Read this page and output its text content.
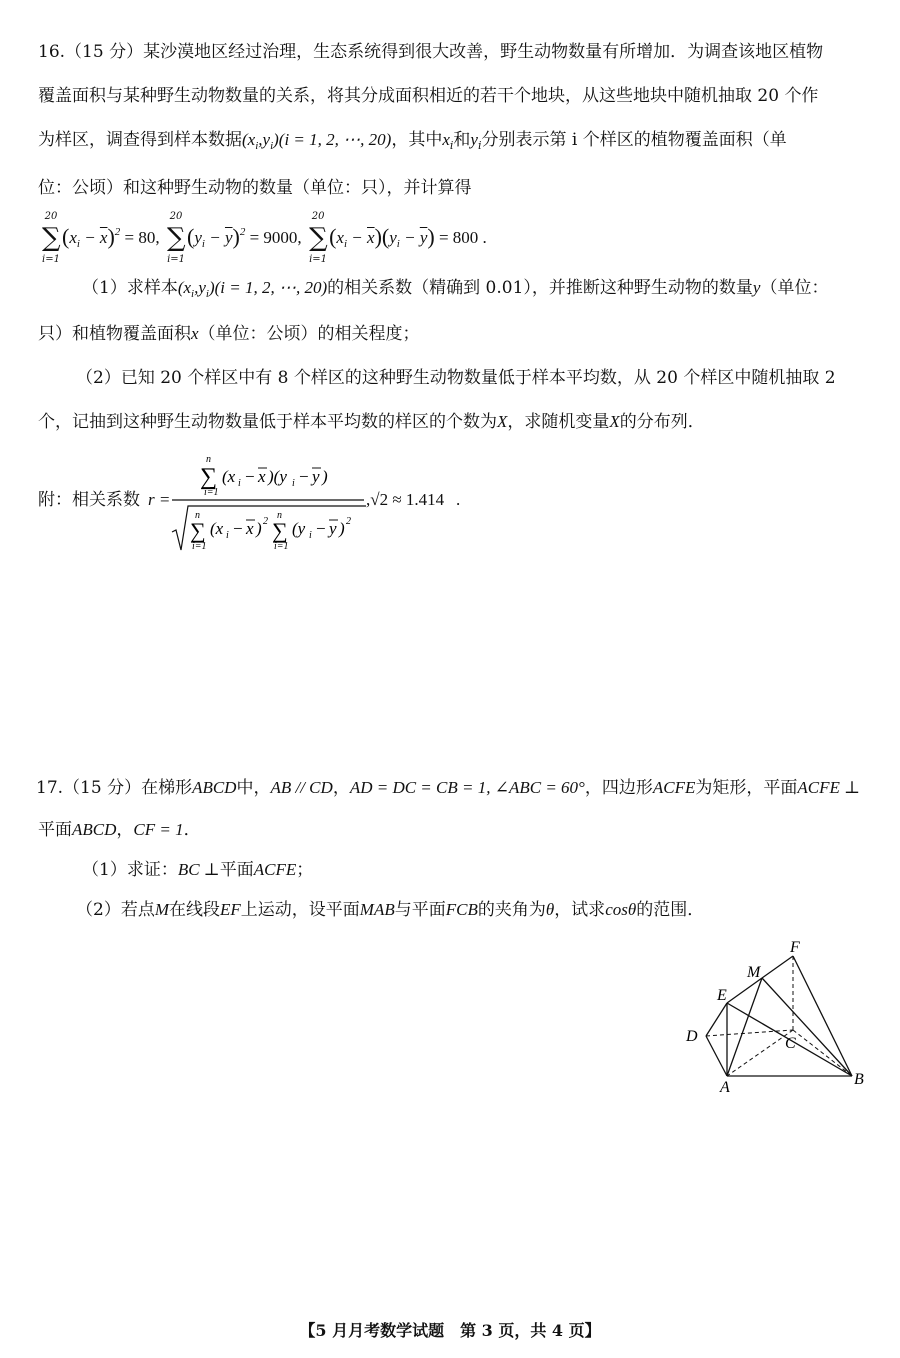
16.（15 分）某沙漠地区经过治理，生态系统得到很大改善，野生动物数量有所增加．为调查该地区植物
覆盖面积与某种野生动物数量的关系，将其分成面积相近的若干个地块，从这些地块中随机抽取 20 个作
为样区，调查得到样本数据$(x_i,y_i)(i = 1$, 2, ⋯, 20)，其中$x_i$和$y_i$分别表示第 i 个样区的植物覆盖面积（单
位：公顷）和这种野生动物的数量（单位：只），并计算得
20
∑
i=1
$(x_i - \overline{x})^2 = 80$,
20
∑
i=1
$(y_i - \overline{y})^2 = 9000$,
20
∑
i=1
$(x_i - \overline{x})(y_i - \overline{y}) = 800$ .
（1）求样本$(x_i,y_i)(i = 1$, 2, ⋯, 20)的相关系数（精确到 0.01），并推断这种野生动物的数量y（单位：
只）和植物覆盖面积x（单位：公顷）的相关程度；
（2）已知 20 个样区中有 8 个样区的这种野生动物数量低于样本平均数，从 20 个样区中随机抽取 2
个，记抽到这种野生动物数量低于样本平均数的样区的个数为X，求随机变量X的分布列．
附：相关系数 r =
n
∑
i=1
(x i − x )(y i − y )
n
∑
i=1
(x i − x ) 2
n
∑
i=1
(y i − y ) 2
,√2 ≈ 1.414 .
17.（15 分）在梯形ABCD中，AB // CD，AD = DC = CB = 1, ∠ABC = 60°，四边形ACFE为矩形，平面ACFE ⊥
平面ABCD，CF = 1．
（1）求证：BC ⊥平面ACFE；
（2）若点M在线段EF上运动，设平面MAB与平面FCB的夹角为θ，试求cosθ的范围．
F
M
E
D	C
A	B
【5 月月考数学试题　第 3 页，共 4 页】
